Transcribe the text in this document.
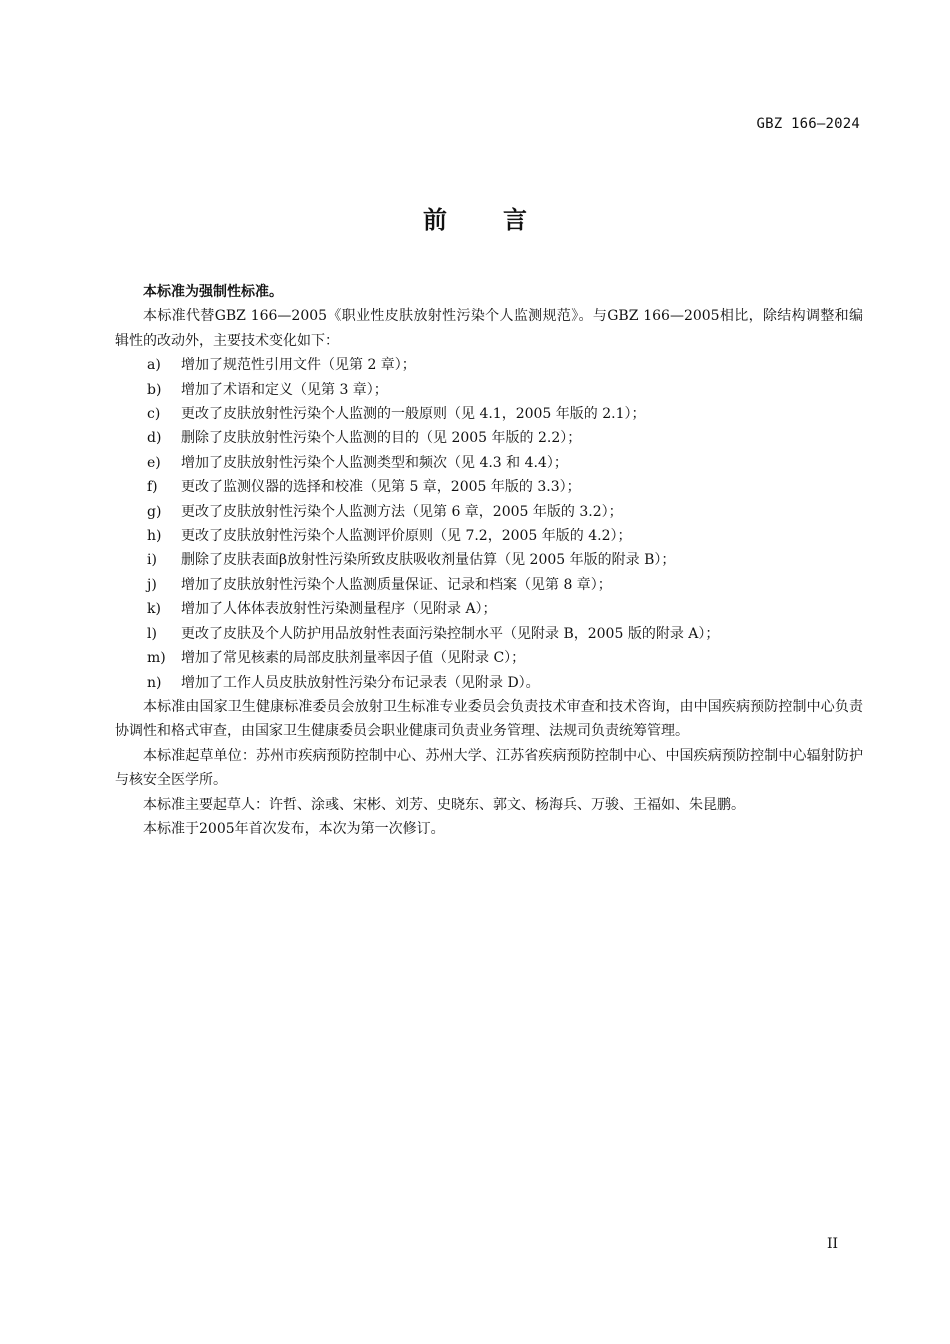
GBZ 166—2024
前 言

本标准为强制性标准。

本标准代替GBZ 166—2005《职业性皮肤放射性污染个人监测规范》。与GBZ 166—2005相比，除结构调整和编辑性的改动外，主要技术变化如下：

a)	增加了规范性引用文件（见第 2 章）；
b)	增加了术语和定义（见第 3 章）；
c)	更改了皮肤放射性污染个人监测的一般原则（见 4.1，2005 年版的 2.1）；
d)	删除了皮肤放射性污染个人监测的目的（见 2005 年版的 2.2）；
e)	增加了皮肤放射性污染个人监测类型和频次（见 4.3 和 4.4）；
f)	更改了监测仪器的选择和校准（见第 5 章，2005 年版的 3.3）；
g)	更改了皮肤放射性污染个人监测方法（见第 6 章，2005 年版的 3.2）；
h)	更改了皮肤放射性污染个人监测评价原则（见 7.2，2005 年版的 4.2）；
i)	删除了皮肤表面β放射性污染所致皮肤吸收剂量估算（见 2005 年版的附录 B）；
j)	增加了皮肤放射性污染个人监测质量保证、记录和档案（见第 8 章）；
k)	增加了人体体表放射性污染测量程序（见附录 A）；
l)	更改了皮肤及个人防护用品放射性表面污染控制水平（见附录 B，2005 版的附录 A）；
m)	增加了常见核素的局部皮肤剂量率因子值（见附录 C）；
n)	增加了工作人员皮肤放射性污染分布记录表（见附录 D）。

本标准由国家卫生健康标准委员会放射卫生标准专业委员会负责技术审查和技术咨询，由中国疾病预防控制中心负责协调性和格式审查，由国家卫生健康委员会职业健康司负责业务管理、法规司负责统筹管理。

本标准起草单位：苏州市疾病预防控制中心、苏州大学、江苏省疾病预防控制中心、中国疾病预防控制中心辐射防护与核安全医学所。

本标准主要起草人：许哲、涂彧、宋彬、刘芳、史晓东、郭文、杨海兵、万骏、王福如、朱昆鹏。

本标准于2005年首次发布，本次为第一次修订。

II
